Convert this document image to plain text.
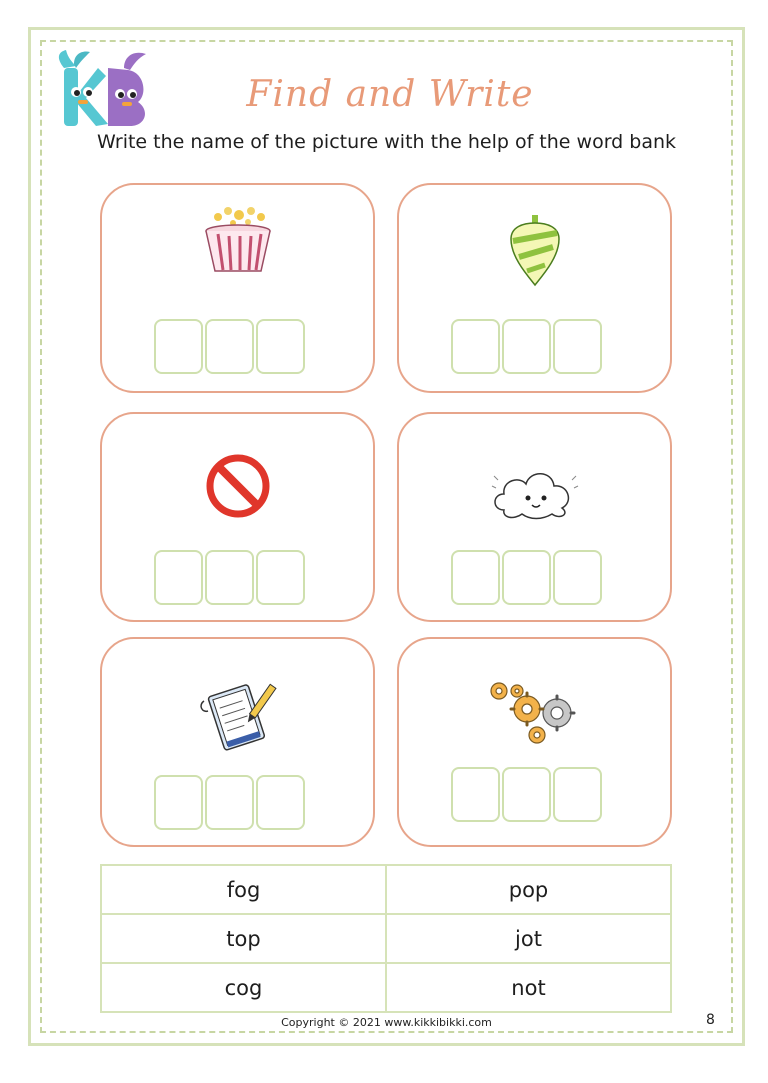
Find and Write
Write the name of the picture with the help of the word bank
fog	pop
top	jot
cog	not
Copyright © 2021 www.kikkibikki.com	8
